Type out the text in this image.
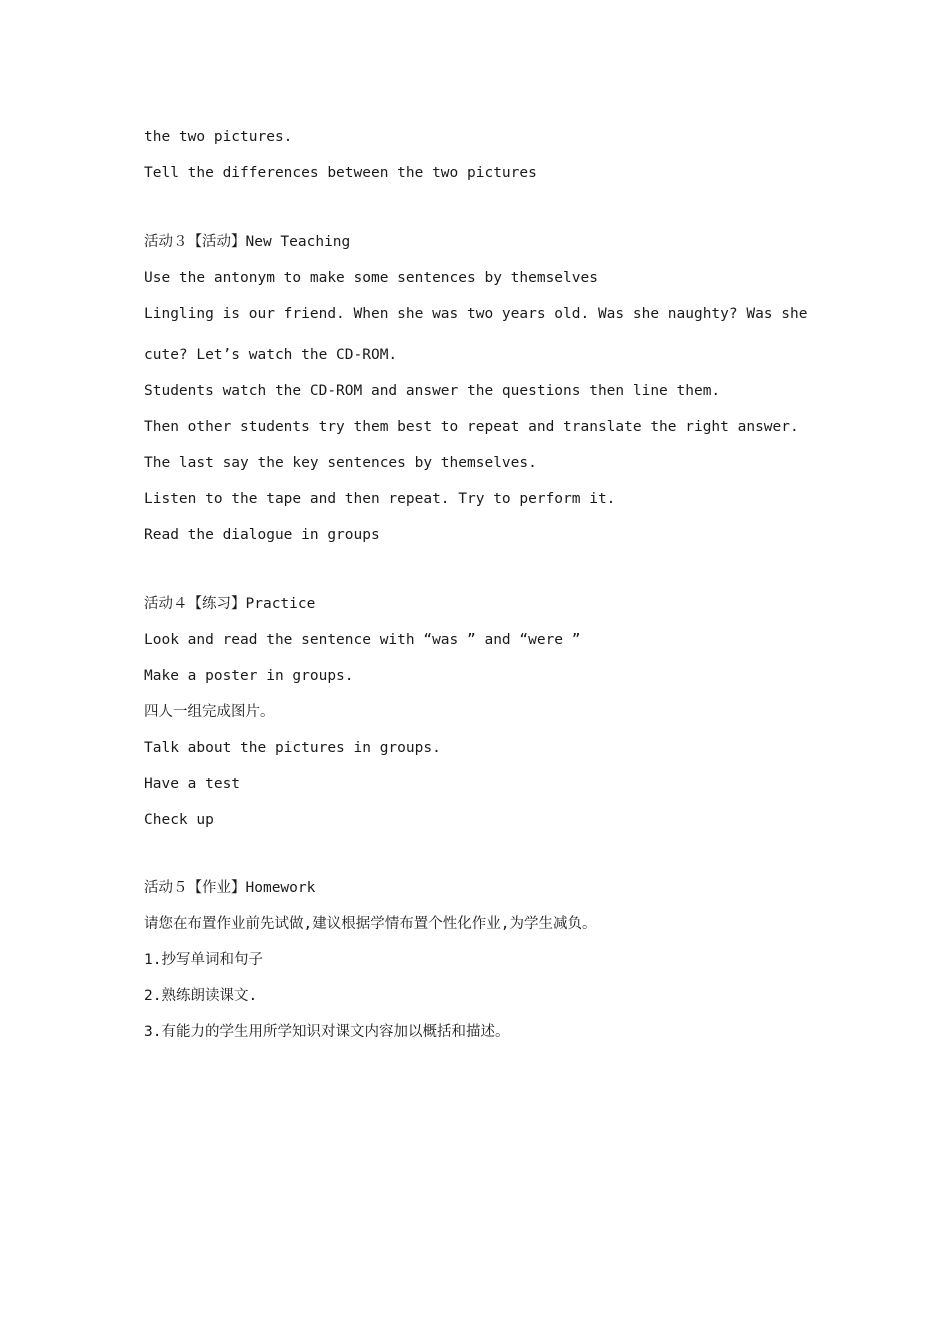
the two pictures.
Tell the differences between the two pictures
活动３【活动】New Teaching
Use the antonym to make some sentences by themselves
Lingling is our friend. When she was two years old. Was she naughty? Was she
cute? Let’s watch the CD-ROM.
Students watch the CD-ROM and answer the questions then line them.
Then other students try them best to repeat and translate the right answer.
The last say the key sentences by themselves.
Listen to the tape and then repeat. Try to perform it.
Read the dialogue in groups
活动４【练习】Practice
Look and read the sentence with “was ” and “were ”
Make a poster in groups.
四人一组完成图片。
Talk about the pictures in groups.
Have a test
Check up
活动５【作业】Homework
请您在布置作业前先试做,建议根据学情布置个性化作业,为学生减负。
1.抄写单词和句子
2.熟练朗读课文.
3.有能力的学生用所学知识对课文内容加以概括和描述。
